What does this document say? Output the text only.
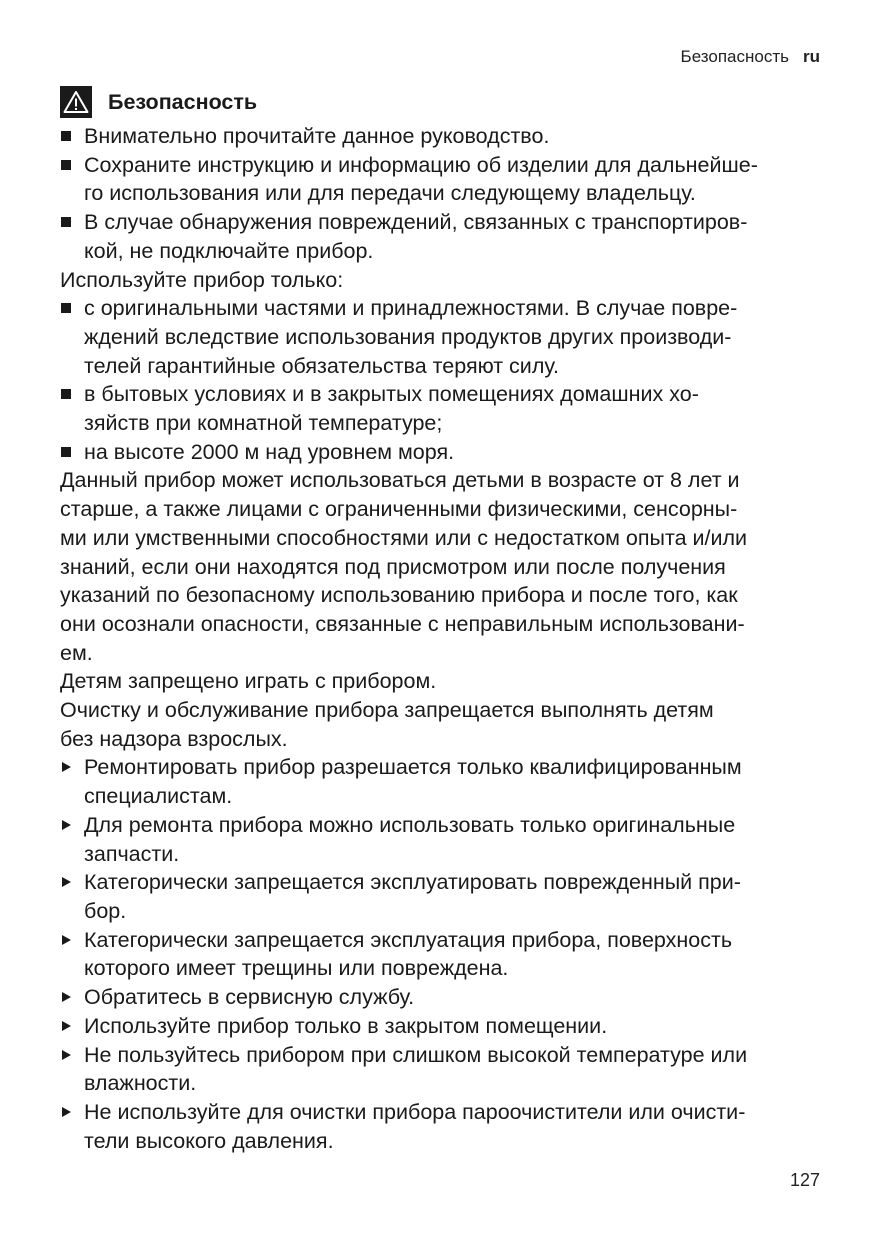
Безопасность ru
Безопасность
Внимательно прочитайте данное руководство.
Сохраните инструкцию и информацию об изделии для дальнейше-
го использования или для передачи следующему владельцу.
В случае обнаружения повреждений, связанных с транспортиров-
кой, не подключайте прибор.
Используйте прибор только:
с оригинальными частями и принадлежностями. В случае повре-
ждений вследствие использования продуктов других производи-
телей гарантийные обязательства теряют силу.
в бытовых условиях и в закрытых помещениях домашних хо-
зяйств при комнатной температуре;
на высоте 2000 м над уровнем моря.
Данный прибор может использоваться детьми в возрасте от 8 лет и
старше, а также лицами с ограниченными физическими, сенсорны-
ми или умственными способностями или с недостатком опыта и/или
знаний, если они находятся под присмотром или после получения
указаний по безопасному использованию прибора и после того, как
они осознали опасности, связанные с неправильным использовани-
ем.
Детям запрещено играть с прибором.
Очистку и обслуживание прибора запрещается выполнять детям
без надзора взрослых.
Ремонтировать прибор разрешается только квалифицированным
специалистам.
Для ремонта прибора можно использовать только оригинальные
запчасти.
Категорически запрещается эксплуатировать поврежденный при-
бор.
Категорически запрещается эксплуатация прибора, поверхность
которого имеет трещины или повреждена.
Обратитесь в сервисную службу.
Используйте прибор только в закрытом помещении.
Не пользуйтесь прибором при слишком высокой температуре или
влажности.
Не используйте для очистки прибора пароочистители или очисти-
тели высокого давления.
127
